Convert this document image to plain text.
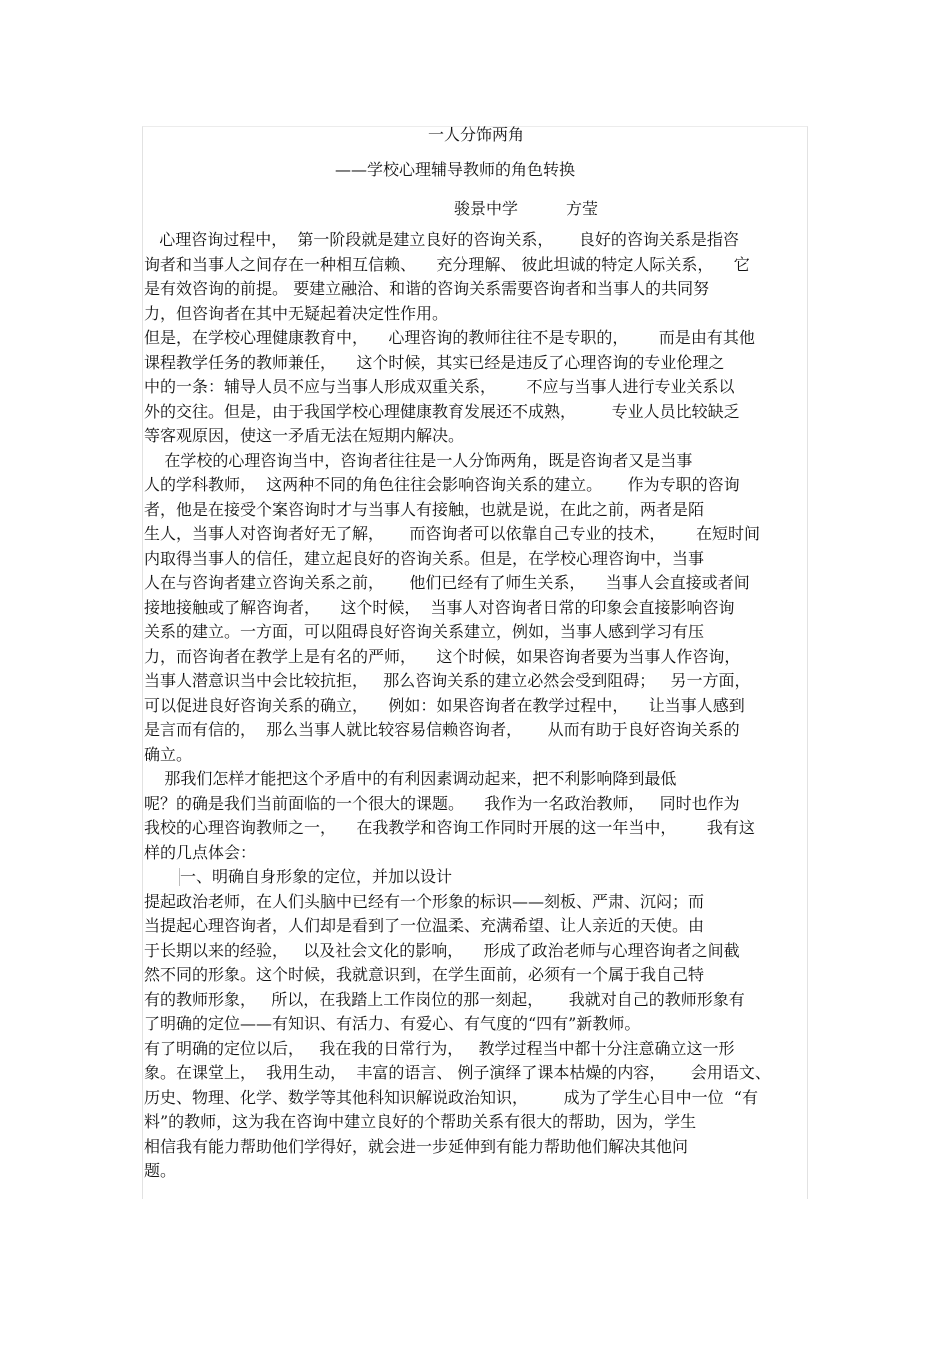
一人分饰两角
——学校心理辅导教师的角色转换
骏景中学　　　方莹
心理咨询过程中，  第一阶段就是建立良好的咨询关系，     良好的咨询关系是指咨
询者和当事人之间存在一种相互信赖、    充分理解、 彼此坦诚的特定人际关系，    它
是有效咨询的前提。 要建立融洽、和谐的咨询关系需要咨询者和当事人的共同努
力，但咨询者在其中无疑起着决定性作用。
但是，在学校心理健康教育中，    心理咨询的教师往往不是专职的，      而是由有其他
课程教学任务的教师兼任，    这个时候，其实已经是违反了心理咨询的专业伦理之
中的一条：辅导人员不应与当事人形成双重关系，      不应与当事人进行专业关系以
外的交往。但是，由于我国学校心理健康教育发展还不成熟，       专业人员比较缺乏
等客观原因，使这一矛盾无法在短期内解决。
在学校的心理咨询当中，咨询者往往是一人分饰两角，既是咨询者又是当事
人的学科教师，  这两种不同的角色往往会影响咨询关系的建立。     作为专职的咨询
者，他是在接受个案咨询时才与当事人有接触，也就是说，在此之前，两者是陌
生人，当事人对咨询者好无了解，     而咨询者可以依靠自己专业的技术，      在短时间
内取得当事人的信任，建立起良好的咨询关系。但是，在学校心理咨询中，当事
人在与咨询者建立咨询关系之前，     他们已经有了师生关系，    当事人会直接或者间
接地接触或了解咨询者，    这个时候，  当事人对咨询者日常的印象会直接影响咨询
关系的建立。一方面，可以阻碍良好咨询关系建立，例如，当事人感到学习有压
力，而咨询者在教学上是有名的严师，    这个时候，如果咨询者要为当事人作咨询，
当事人潜意识当中会比较抗拒，   那么咨询关系的建立必然会受到阻碍；   另一方面，
可以促进良好咨询关系的确立，    例如：如果咨询者在教学过程中，    让当事人感到
是言而有信的，  那么当事人就比较容易信赖咨询者，     从而有助于良好咨询关系的
确立。
那我们怎样才能把这个矛盾中的有利因素调动起来，把不利影响降到最低
呢？的确是我们当前面临的一个很大的课题。    我作为一名政治教师，   同时也作为
我校的心理咨询教师之一，    在我教学和咨询工作同时开展的这一年当中，      我有这
样的几点体会：

一、明确自身形象的定位，并加以设计

提起政治老师，在人们头脑中已经有一个形象的标识——刻板、严肃、沉闷；而
当提起心理咨询者，人们却是看到了一位温柔、充满希望、让人亲近的天使。由
于长期以来的经验，   以及社会文化的影响，    形成了政治老师与心理咨询者之间截
然不同的形象。这个时候，我就意识到，在学生面前，必须有一个属于我自己特
有的教师形象，   所以，在我踏上工作岗位的那一刻起，     我就对自己的教师形象有
了明确的定位——有知识、有活力、有爱心、有气度的“四有”新教师。
有了明确的定位以后，   我在我的日常行为，   教学过程当中都十分注意确立这一形
象。在课堂上，  我用生动，  丰富的语言、 例子演绎了课本枯燥的内容，     会用语文、
历史、物理、化学、数学等其他科知识解说政治知识，       成为了学生心目中一位  “有
料”的教师，这为我在咨询中建立良好的个帮助关系有很大的帮助，因为，学生
相信我有能力帮助他们学得好，就会进一步延伸到有能力帮助他们解决其他问
题。
